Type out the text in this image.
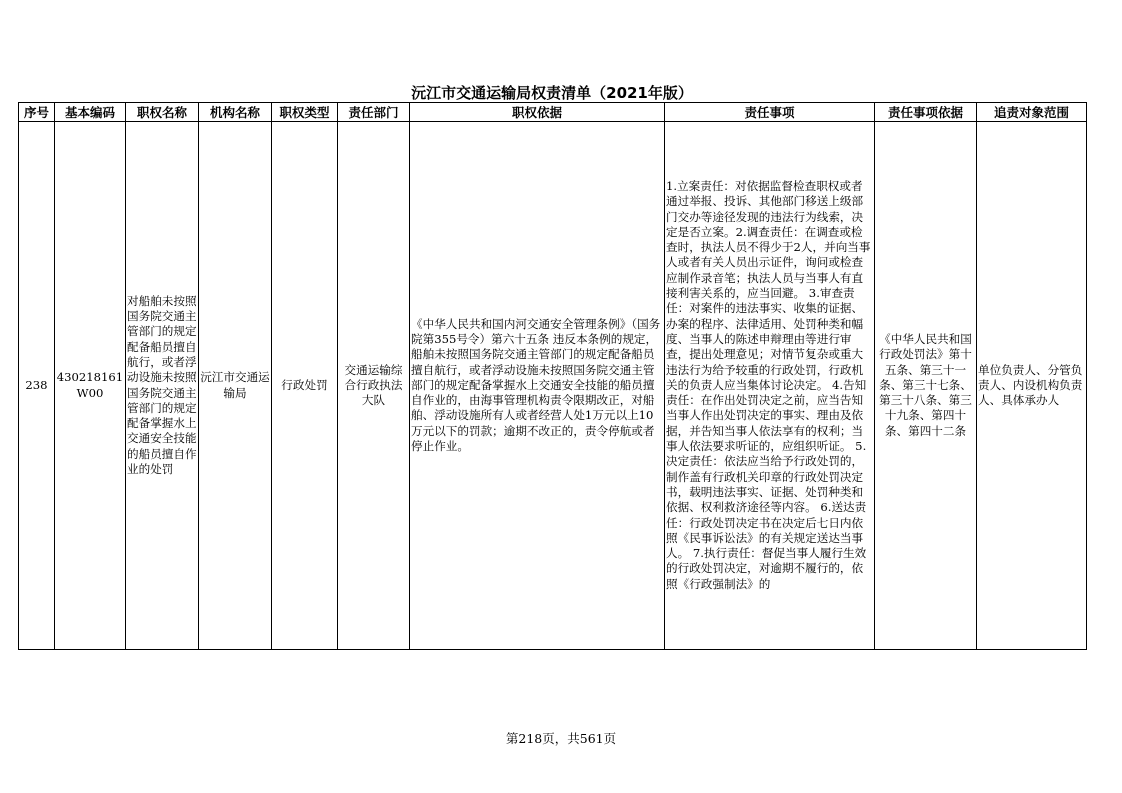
沅江市交通运输局权责清单（2021年版）
序号	基本编码	职权名称	机构名称	职权类型	责任部门	职权依据	责任事项	责任事项依据	追责对象范围
238	430218161W00	对船舶未按照国务院交通主管部门的规定配备船员擅自航行，或者浮动设施未按照国务院交通主管部门的规定配备掌握水上交通安全技能的船员擅自作业的处罚	沅江市交通运输局	行政处罚	交通运输综合行政执法大队	《中华人民共和国内河交通安全管理条例》（国务院第355号令）第六十五条 违反本条例的规定，船舶未按照国务院交通主管部门的规定配备船员擅自航行，或者浮动设施未按照国务院交通主管部门的规定配备掌握水上交通安全技能的船员擅自作业的，由海事管理机构责令限期改正，对船舶、浮动设施所有人或者经营人处1万元以上10万元以下的罚款；逾期不改正的，责令停航或者停止作业。	1.立案责任：对依据监督检查职权或者通过举报、投诉、其他部门移送上级部门交办等途径发现的违法行为线索，决定是否立案。2.调查责任：在调查或检查时，执法人员不得少于2人，并向当事人或者有关人员出示证件，询问或检查应制作录音笔；执法人员与当事人有直接利害关系的，应当回避。 3.审查责任：对案件的违法事实、收集的证据、办案的程序、法律适用、处罚种类和幅度、当事人的陈述申辩理由等进行审查，提出处理意见；对情节复杂或重大违法行为给予较重的行政处罚，行政机关的负责人应当集体讨论决定。 4.告知责任：在作出处罚决定之前，应当告知当事人作出处罚决定的事实、理由及依据，并告知当事人依法享有的权利；当事人依法要求听证的，应组织听证。 5.决定责任：依法应当给予行政处罚的，制作盖有行政机关印章的行政处罚决定书，载明违法事实、证据、处罚种类和依据、权利救济途径等内容。 6.送达责任：行政处罚决定书在决定后七日内依照《民事诉讼法》的有关规定送达当事人。 7.执行责任：督促当事人履行生效的行政处罚决定，对逾期不履行的，依照《行政强制法》的	《中华人民共和国行政处罚法》第十五条、第三十一条、第三十七条、第三十八条、第三十九条、第四十条、第四十二条	单位负责人、分管负责人、内设机构负责人、具体承办人
第218页，共561页
